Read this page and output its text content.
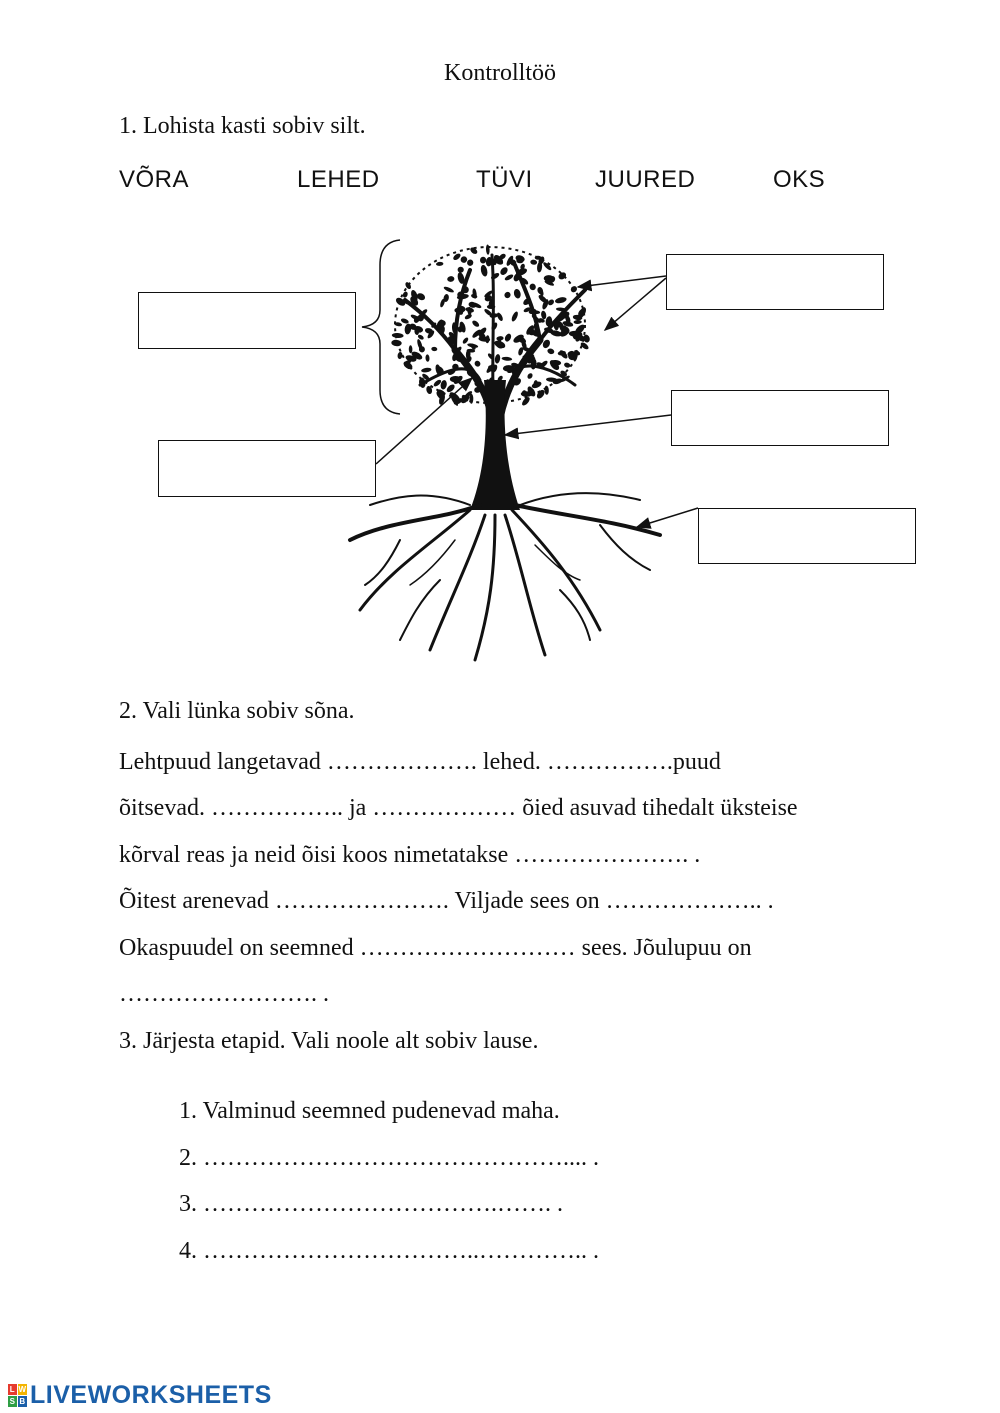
Kontrolltöö
1. Lohista kasti sobiv silt.
VÕRA	LEHED	TÜVI	JUURED	OKS
2. Vali lünka sobiv sõna.
Lehtpuud langetavad ………………. lehed. …………….puud
õitsevad. …………….. ja ……………… õied asuvad tihedalt üksteise
kõrval reas ja neid õisi koos nimetatakse …………………. .
Õitest arenevad …………………. Viljade sees on ……………….. .
Okaspuudel on seemned ……………………… sees. Jõulupuu on
……………………. .
3. Järjesta etapid. Vali noole alt sobiv lause.
1. Valminud seemned pudenevad maha.
2. ……………………………………….... .
3. ……………………………….……. .
4. ……………………………..………….. .
L W
S B LIVEWORKSHEETS
